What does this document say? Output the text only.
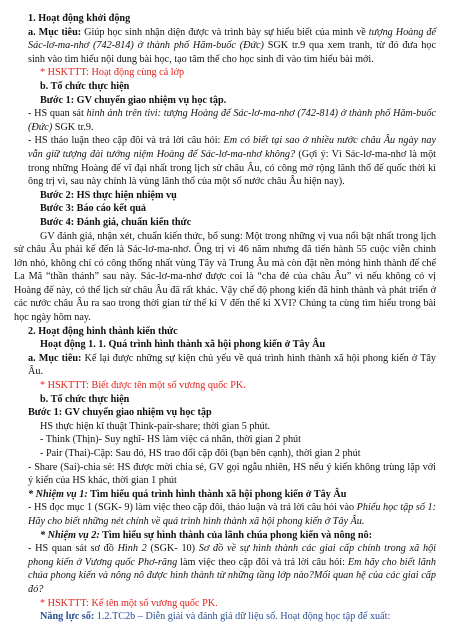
1. Hoạt động khởi động

a. Mục tiêu: Giúp học sinh nhận diện được và trình bày sự hiểu biết của mình về tượng Hoàng đế Sác-lơ-ma-nhơ (742-814) ở thành phố Hăm-buốc (Đức) SGK tr.9 qua xem tranh, từ đó đưa học sinh vào tìm hiểu nội dung bài học, tạo tâm thế cho học sinh đi vào tìm hiểu bài mới.

* HSKTTT: Hoạt động cùng cả lớp

b. Tổ chức thực hiện

Bước 1: GV chuyển giao nhiệm vụ học tập.

- HS quan sát hình ảnh trên tivi: tượng Hoàng đế Sác-lơ-ma-nhơ (742-814) ở thành phố Hăm-buốc (Đức) SGK tr.9.

- HS thảo luận theo cặp đôi và trả lời câu hỏi: Em có biết tại sao ở nhiều nước châu Âu ngày nay vẫn giữ tượng đài tướng niệm Hoàng đế Sác-lơ-ma-nhơ không? (Gợi ý: Vì Sác-lơ-ma-nhơ là một trong những Hoàng đế vĩ đại nhất trong lịch sử châu Âu, có công mở rộng lãnh thổ đế quốc thời kì ông trị vì, sau này chính là vùng lãnh thổ của một số nước châu Âu hiện nay).

Bước 2: HS thực hiện nhiệm vụ

Bước 3: Báo cáo kết quả

Bước 4: Đánh giá, chuẩn kiến thức

GV đánh giá, nhận xét, chuẩn kiến thức, bổ sung: Một trong những vị vua nổi bật nhất trong lịch sử châu Âu phải kể đến là Sác-lơ-ma-nhơ. Ông trị vì 46 năm nhưng đã tiến hành 55 cuộc viễn chinh lớn nhỏ, không chỉ có công thống nhất vùng Tây và Trung Âu mà còn đặt nền móng hình thành đế chế La Mã “thần thánh” sau này. Sác-lơ-ma-nhơ được coi là “cha đẻ của châu Âu” vì nếu không có vị Hoàng đế này, có thể lịch sử châu Âu đã rất khác. Vậy chế độ phong kiến đã hình thành và phát triển ở các nước châu Âu ra sao trong thời gian từ thế kỉ V đến thế kỉ XVI? Chúng ta cùng tìm hiểu trong bài học ngày hôm nay.

2. Hoạt động hình thành kiến thức

Hoạt động 1. 1. Quá trình hình thành xã hội phong kiến ở Tây Âu

a. Mục tiêu: Kể lại được những sự kiện chủ yếu về quá trình hình thành xã hội phong kiến ở Tây Âu.

* HSKTTT: Biết được tên một số vương quốc PK.

b. Tổ chức thực hiện

Bước 1: GV chuyển giao nhiệm vụ học tập

HS thực hiện kĩ thuật Think-pair-share; thời gian 5 phút.

- Think (Thịn)- Suy nghĩ- HS làm việc cá nhân, thời gian 2 phút

- Pair (Thai)-Cặp: Sau đó, HS trao đổi cặp đôi (bạn bên cạnh), thời gian 2 phút

- Share (Sai)-chia sẻ: HS được mời chia sẻ, GV gọi ngẫu nhiên, HS nếu ý kiến không trùng lặp với ý kiến của HS khác, thời gian 1 phút

* Nhiệm vụ 1: Tìm hiểu quá trình hình thành xã hội phong kiến ở Tây Âu

- HS đọc mục 1 (SGK- 9) làm việc theo cặp đôi, thảo luận và trả lời câu hỏi vào Phiếu học tập số 1: Hãy cho biết những nét chính về quá trình hình thành xã hội phong kiến ở Tây Âu.

* Nhiệm vụ 2: Tìm hiểu sự hình thành của lãnh chúa phong kiến và nông nô:

- HS quan sát sơ đồ Hình 2 (SGK- 10) Sơ đồ về sự hình thành các giai cấp chính trong xã hội phong kiến ở Vương quốc Phơ-răng làm việc theo cặp đôi và trả lời câu hỏi: Em hãy cho biết lãnh chúa phong kiến và nông nô được hình thành từ những tầng lớp nào?Mối quan hệ của các giai cấp đó?

* HSKTTT: Kể tên một số vương quốc PK.

Năng lực số: 1.2.TC2b – Diễn giải và đánh giá dữ liệu số. Hoạt động học tập để xuất:
